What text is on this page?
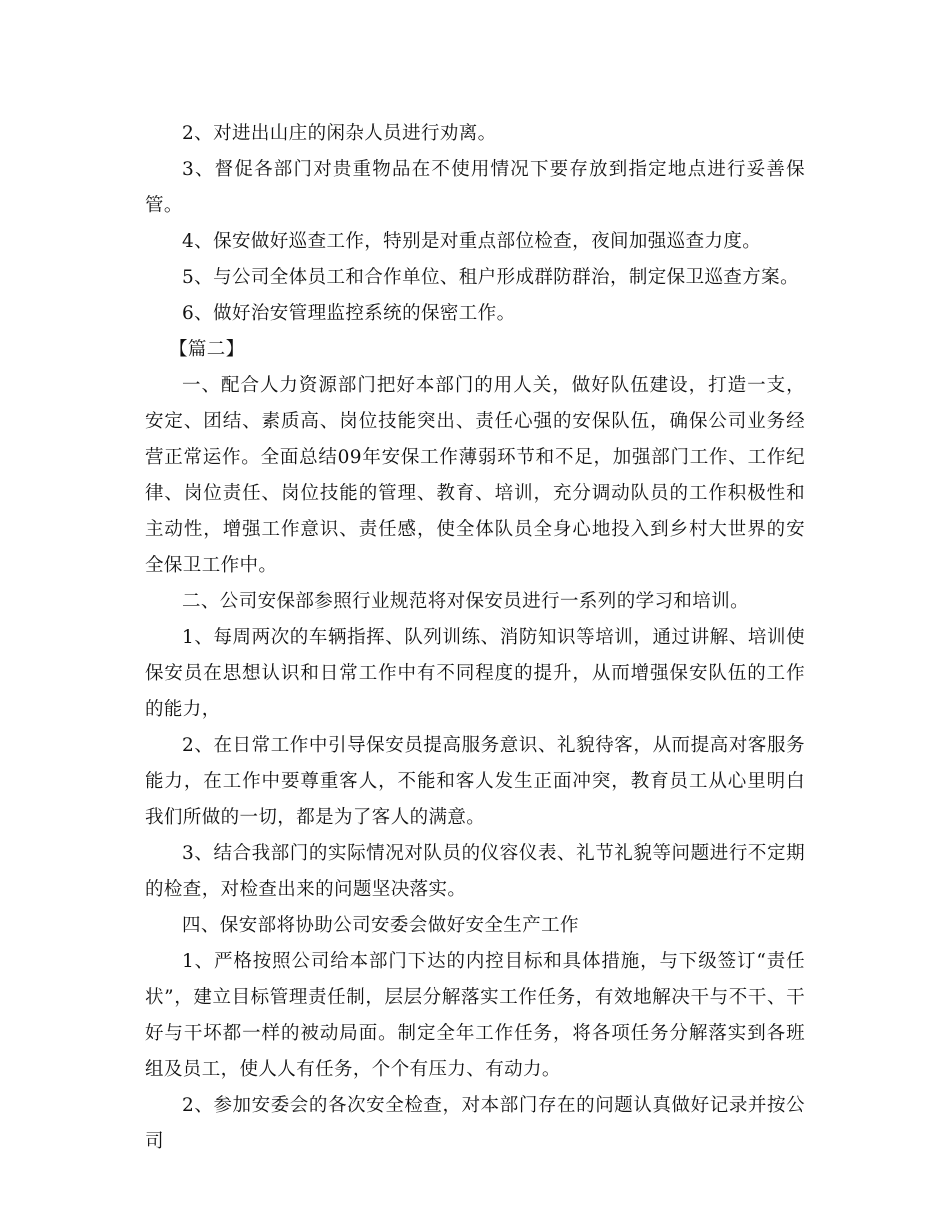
2、对进出山庄的闲杂人员进行劝离。

3、督促各部门对贵重物品在不使用情况下要存放到指定地点进行妥善保管。

4、保安做好巡查工作，特别是对重点部位检查，夜间加强巡查力度。

5、与公司全体员工和合作单位、租户形成群防群治，制定保卫巡查方案。

6、做好治安管理监控系统的保密工作。

【篇二】

一、配合人力资源部门把好本部门的用人关，做好队伍建设，打造一支，安定、团结、素质高、岗位技能突出、责任心强的安保队伍，确保公司业务经营正常运作。全面总结09年安保工作薄弱环节和不足，加强部门工作、工作纪律、岗位责任、岗位技能的管理、教育、培训，充分调动队员的工作积极性和主动性，增强工作意识、责任感，使全体队员全身心地投入到乡村大世界的安全保卫工作中。

二、公司安保部参照行业规范将对保安员进行一系列的学习和培训。

1、每周两次的车辆指挥、队列训练、消防知识等培训，通过讲解、培训使保安员在思想认识和日常工作中有不同程度的提升，从而增强保安队伍的工作的能力，

2、在日常工作中引导保安员提高服务意识、礼貌待客，从而提高对客服务能力，在工作中要尊重客人，不能和客人发生正面冲突，教育员工从心里明白我们所做的一切，都是为了客人的满意。

3、结合我部门的实际情况对队员的仪容仪表、礼节礼貌等问题进行不定期的检查，对检查出来的问题坚决落实。

四、保安部将协助公司安委会做好安全生产工作

1、严格按照公司给本部门下达的内控目标和具体措施，与下级签订“责任状”，建立目标管理责任制，层层分解落实工作任务，有效地解决干与不干、干好与干坏都一样的被动局面。制定全年工作任务，将各项任务分解落实到各班组及员工，使人人有任务，个个有压力、有动力。

2、参加安委会的各次安全检查，对本部门存在的问题认真做好记录并按公司
